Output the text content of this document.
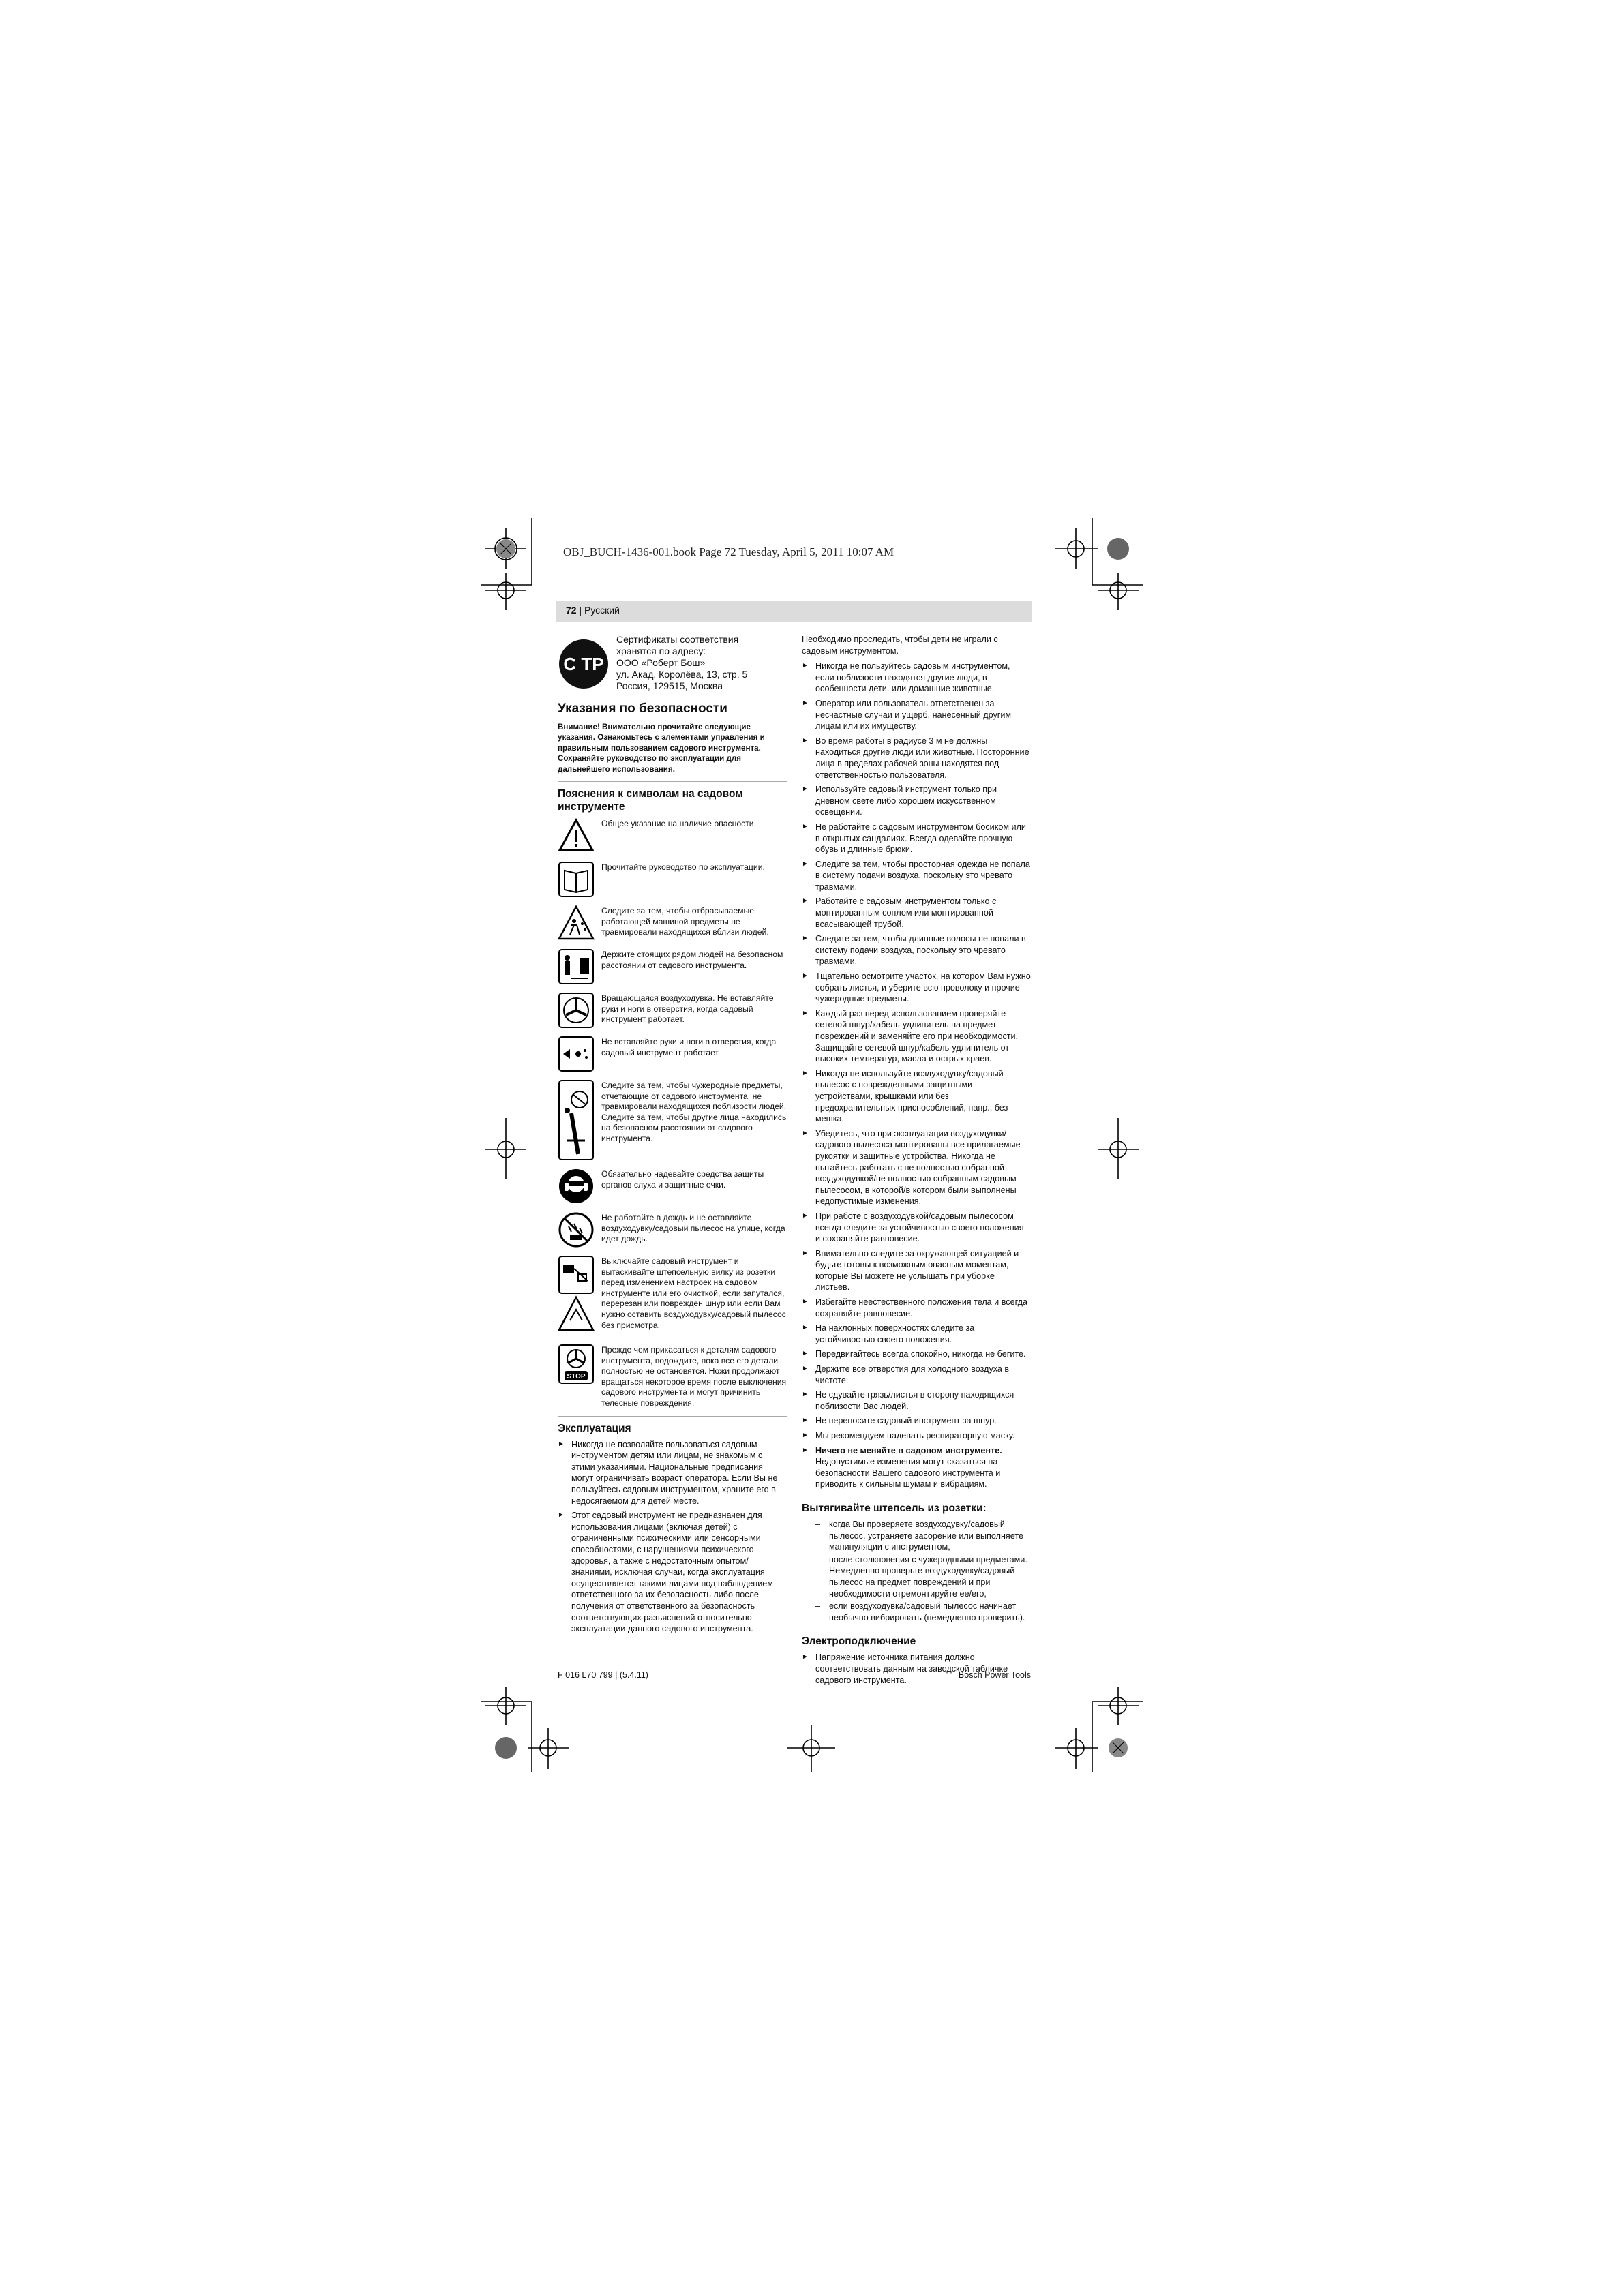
OBJ_BUCH-1436-001.book Page 72 Tuesday, April 5, 2011 10:07 AM
72 | Русский
C ТР
Сертификаты соответствия
хранятся по адресу:
ООО «Роберт Бош»
ул. Акад. Королёва, 13, стр. 5
Россия, 129515, Москва
Указания по безопасности

Внимание! Внимательно прочитайте следующие указания. Ознакомьтесь с элементами управления и правильным пользованием садового инструмента. Сохраняйте руководство по эксплуатации для дальнейшего использования.

Пояснения к символам на садовом инструменте
Общее указание на наличие опасности.
Прочитайте руководство по эксплуатации.
Следите за тем, чтобы отбрасываемые работающей машиной предметы не травмировали находящихся вблизи людей.
Держите стоящих рядом людей на безопасном расстоянии от садового инструмента.
Вращающаяся воздуходувка. Не вставляйте руки и ноги в отверстия, когда садовый инструмент работает.
Не вставляйте руки и ноги в отверстия, когда садовый инструмент работает.
Следите за тем, чтобы чужеродные предметы, отчетающие от садового инструмента, не травмировали находящихся поблизости людей. Следите за тем, чтобы другие лица находились на безопасном расстоянии от садового инструмента.
Обязательно надевайте средства защиты органов слуха и защитные очки.
Не работайте в дождь и не оставляйте воздуходувку/садовый пылесос на улице, когда идет дождь.
Выключайте садовый инструмент и вытаскивайте штепсельную вилку из розетки перед изменением настроек на садовом инструменте или его очисткой, если запутался, перерезан или поврежден шнур или если Вам нужно оставить воздуходувку/садовый пылесос без присмотра.
STOP
Прежде чем прикасаться к деталям садового инструмента, подождите, пока все его детали полностью не остановятся. Ножи продолжают вращаться некоторое время после выключения садового инструмента и могут причинить телесные повреждения.
Эксплуатация
► Никогда не позволяйте пользоваться садовым инструментом детям или лицам, не знакомым с этими указаниями. Национальные предписания могут ограничивать возраст оператора. Если Вы не пользуйтесь садовым инструментом, храните его в недосягаемом для детей месте.
► Этот садовый инструмент не предназначен для использования лицами (включая детей) с ограниченными психическими или сенсорными способностями, с нарушениями психического здоровья, а также с недостаточным опытом/знаниями, исключая случаи, когда эксплуатация осуществляется такими лицами под наблюдением ответственного за их безопасность либо после получения от ответственного за безопасность соответствующих разъяснений относительно эксплуатации данного садового инструмента.

Необходимо проследить, чтобы дети не играли с садовым инструментом.

► Никогда не пользуйтесь садовым инструментом, если поблизости находятся другие люди, в особенности дети, или домашние животные.
► Оператор или пользователь ответственен за несчастные случаи и ущерб, нанесенный другим лицам или их имуществу.
► Во время работы в радиусе 3 м не должны находиться другие люди или животные. Посторонние лица в пределах рабочей зоны находятся под ответственностью пользователя.
► Используйте садовый инструмент только при дневном свете либо хорошем искусственном освещении.
► Не работайте с садовым инструментом босиком или в открытых сандалиях. Всегда одевайте прочную обувь и длинные брюки.
► Следите за тем, чтобы просторная одежда не попала в систему подачи воздуха, поскольку это чревато травмами.
► Работайте с садовым инструментом только с монтированным соплом или монтированной всасывающей трубой.
► Следите за тем, чтобы длинные волосы не попали в систему подачи воздуха, поскольку это чревато травмами.
► Тщательно осмотрите участок, на котором Вам нужно собрать листья, и уберите всю проволоку и прочие чужеродные предметы.
► Каждый раз перед использованием проверяйте сетевой шнур/кабель-удлинитель на предмет повреждений и заменяйте его при необходимости. Защищайте сетевой шнур/кабель-удлинитель от высоких температур, масла и острых краев.
► Никогда не используйте воздуходувку/садовый пылесос с поврежденными защитными устройствами, крышками или без предохранительных приспособлений, напр., без мешка.
► Убедитесь, что при эксплуатации воздуходувки/садового пылесоса монтированы все прилагаемые рукоятки и защитные устройства. Никогда не пытайтесь работать с не полностью собранной воздуходувкой/не полностью собранным садовым пылесосом, в которой/в котором были выполнены недопустимые изменения.
► При работе с воздуходувкой/садовым пылесосом всегда следите за устойчивостью своего положения и сохраняйте равновесие.
► Внимательно следите за окружающей ситуацией и будьте готовы к возможным опасным моментам, которые Вы можете не услышать при уборке листьев.
► Избегайте неестественного положения тела и всегда сохраняйте равновесие.
► На наклонных поверхностях следите за устойчивостью своего положения.
► Передвигайтесь всегда спокойно, никогда не бегите.
► Держите все отверстия для холодного воздуха в чистоте.
► Не сдувайте грязь/листья в сторону находящихся поблизости Вас людей.
► Не переносите садовый инструмент за шнур.
► Мы рекомендуем надевать респираторную маску.
► Ничего не меняйте в садовом инструменте. Недопустимые изменения могут сказаться на безопасности Вашего садового инструмента и приводить к сильным шумам и вибрациям.
Вытягивайте штепсель из розетки:
– когда Вы проверяете воздуходувку/садовый пылесос, устраняете засорение или выполняете манипуляции с инструментом,
– после столкновения с чужеродными предметами. Немедленно проверьте воздуходувку/садовый пылесос на предмет повреждений и при необходимости отремонтируйте ее/его,
– если воздуходувка/садовый пылесос начинает необычно вибрировать (немедленно проверить).
Электроподключение
► Напряжение источника питания должно соответствовать данным на заводской табличке садового инструмента.
F 016 L70 799 | (5.4.11)	Bosch Power Tools
